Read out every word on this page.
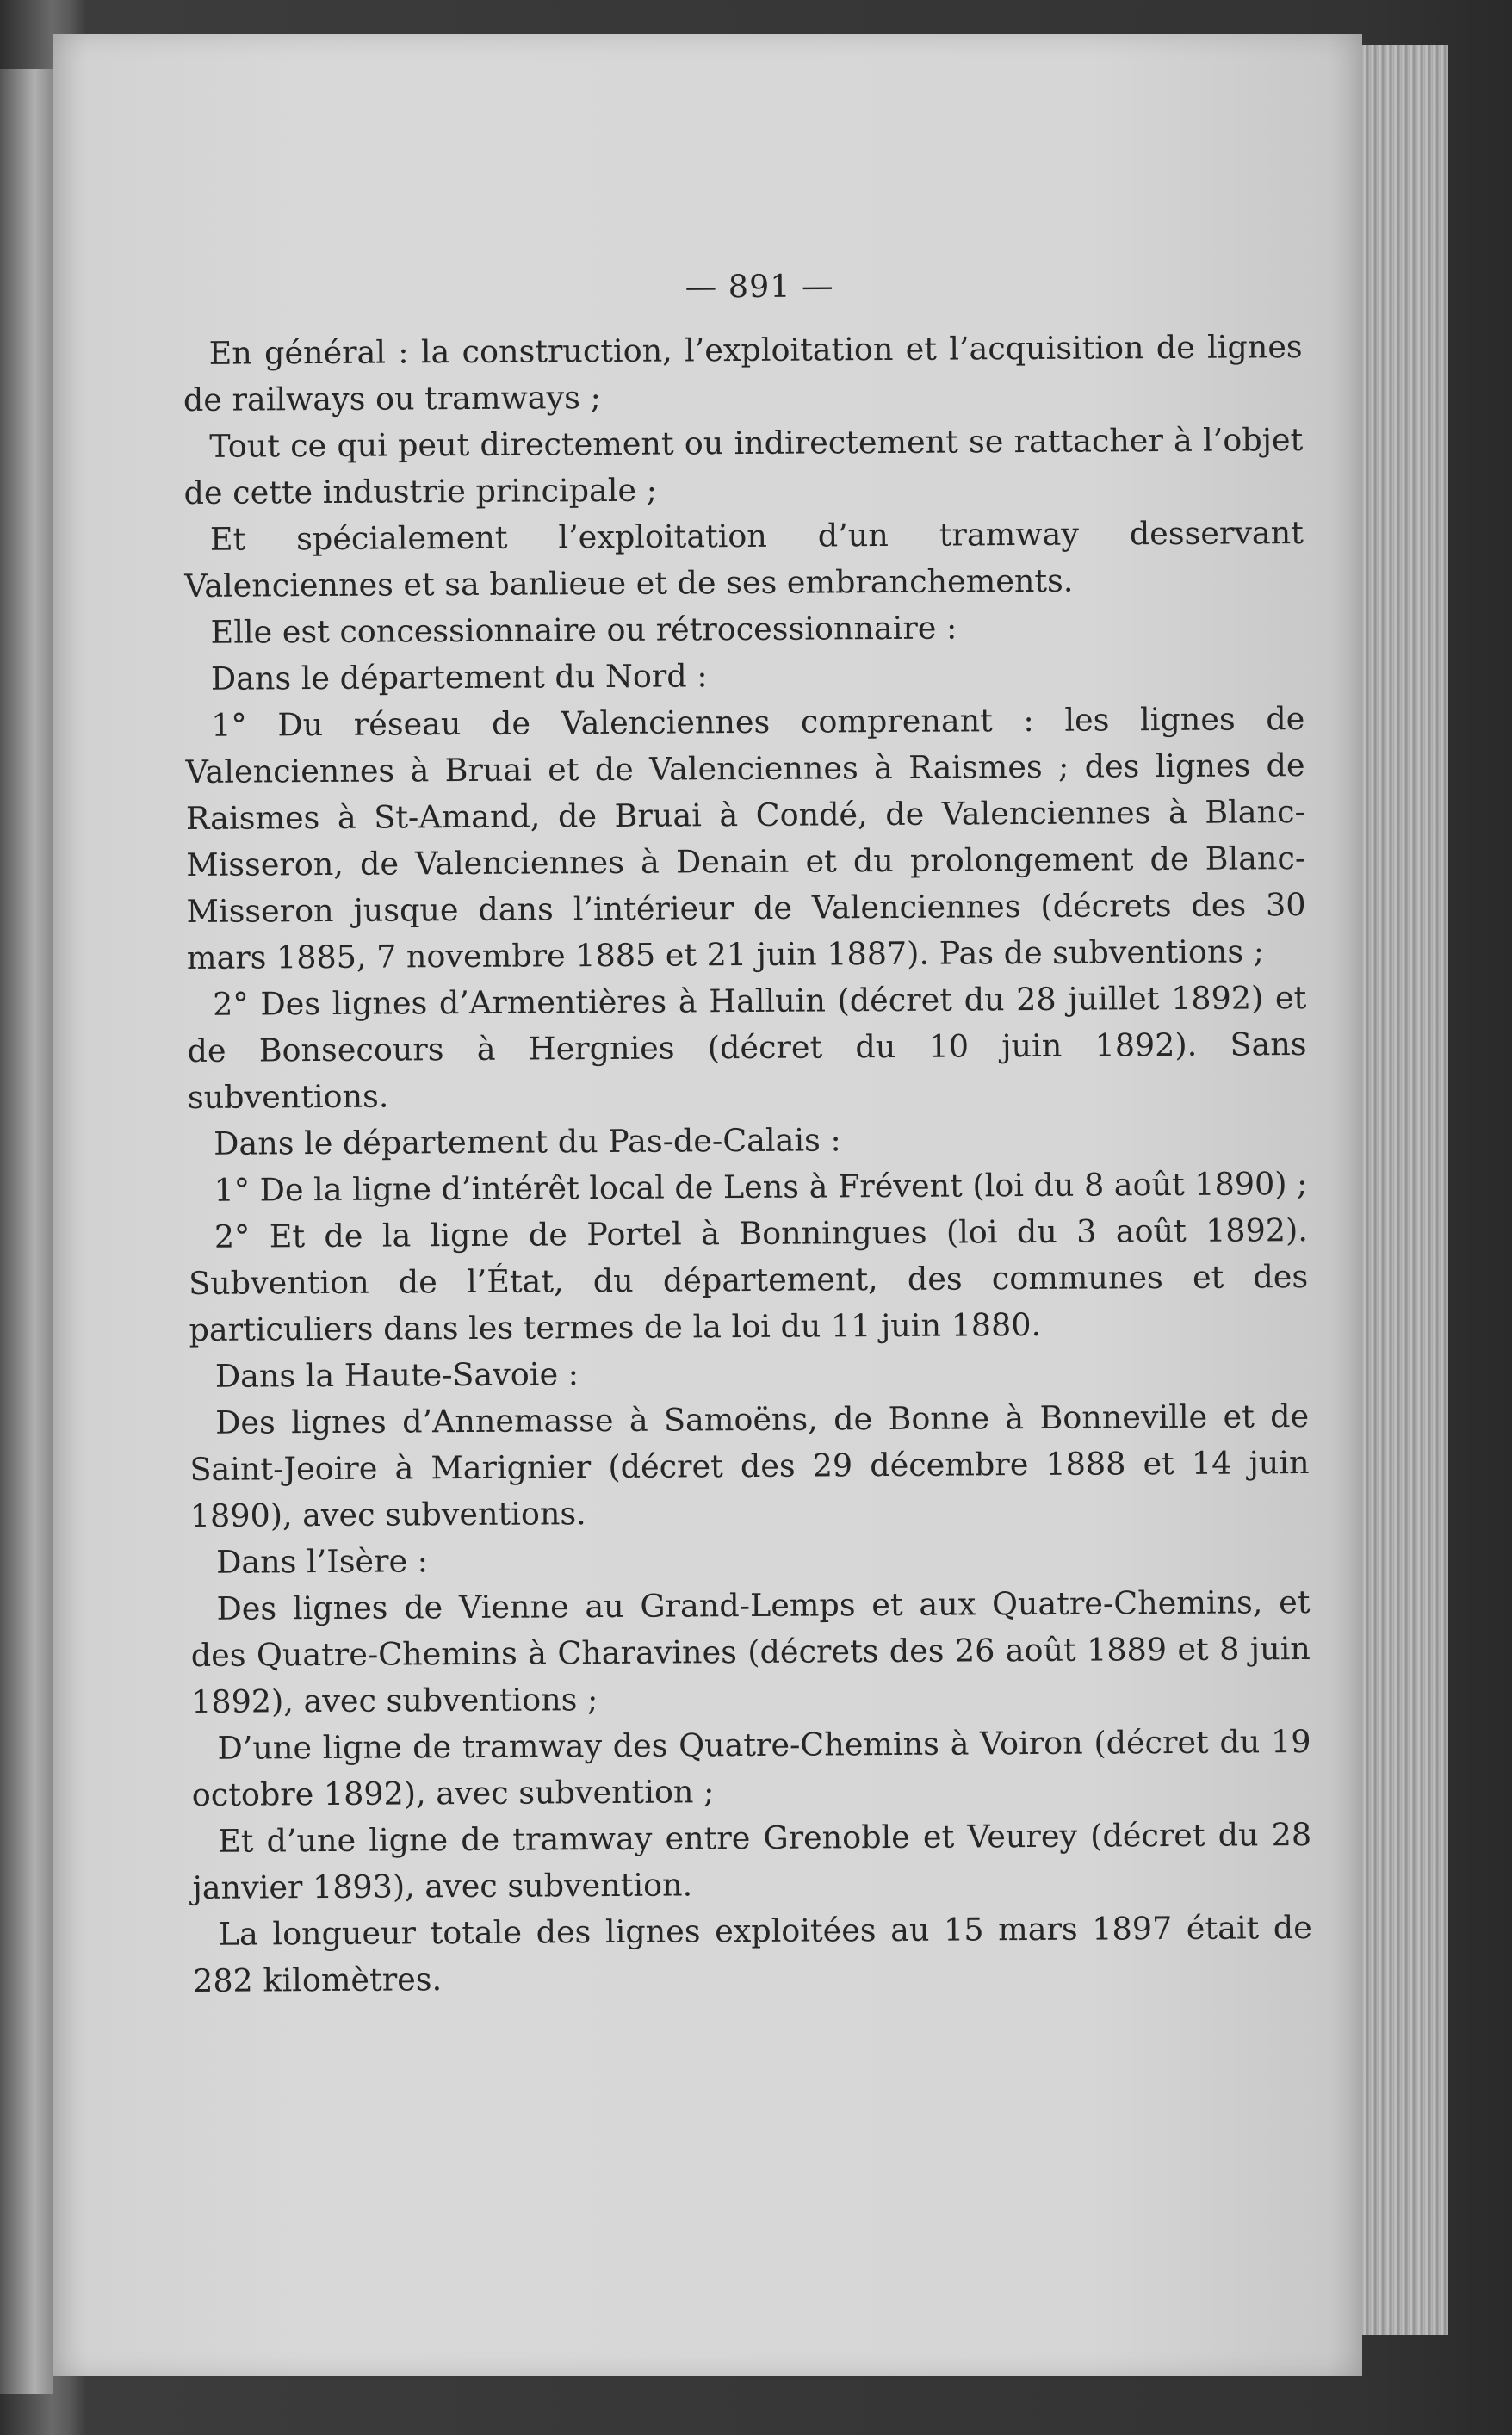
— 891 —

En général : la construction, l’exploitation et l’acquisition de lignes de railways ou tramways ;

Tout ce qui peut directement ou indirectement se rattacher à l’objet de cette industrie principale ;

Et spécialement l’exploitation d’un tramway desservant Valenciennes et sa banlieue et de ses embranchements.

Elle est concessionnaire ou rétrocessionnaire :

Dans le département du Nord :

1° Du réseau de Valenciennes comprenant : les lignes de Valenciennes à Bruai et de Valenciennes à Raismes ; des lignes de Raismes à St-Amand, de Bruai à Condé, de Valenciennes à Blanc-Misseron, de Valenciennes à Denain et du prolongement de Blanc-Misseron jusque dans l’intérieur de Valenciennes (décrets des 30 mars 1885, 7 novembre 1885 et 21 juin 1887). Pas de subventions ;

2° Des lignes d’Armentières à Halluin (décret du 28 juillet 1892) et de Bonsecours à Hergnies (décret du 10 juin 1892). Sans subventions.

Dans le département du Pas-de-Calais :

1° De la ligne d’intérêt local de Lens à Frévent (loi du 8 août 1890) ;

2° Et de la ligne de Portel à Bonningues (loi du 3 août 1892). Subvention de l’État, du département, des communes et des particuliers dans les termes de la loi du 11 juin 1880.

Dans la Haute-Savoie :

Des lignes d’Annemasse à Samoëns, de Bonne à Bonneville et de Saint-Jeoire à Marignier (décret des 29 décembre 1888 et 14 juin 1890), avec subventions.

Dans l’Isère :

Des lignes de Vienne au Grand-Lemps et aux Quatre-Chemins, et des Quatre-Chemins à Charavines (décrets des 26 août 1889 et 8 juin 1892), avec subventions ;

D’une ligne de tramway des Quatre-Chemins à Voiron (décret du 19 octobre 1892), avec subvention ;

Et d’une ligne de tramway entre Grenoble et Veurey (décret du 28 janvier 1893), avec subvention.

La longueur totale des lignes exploitées au 15 mars 1897 était de 282 kilomètres.
